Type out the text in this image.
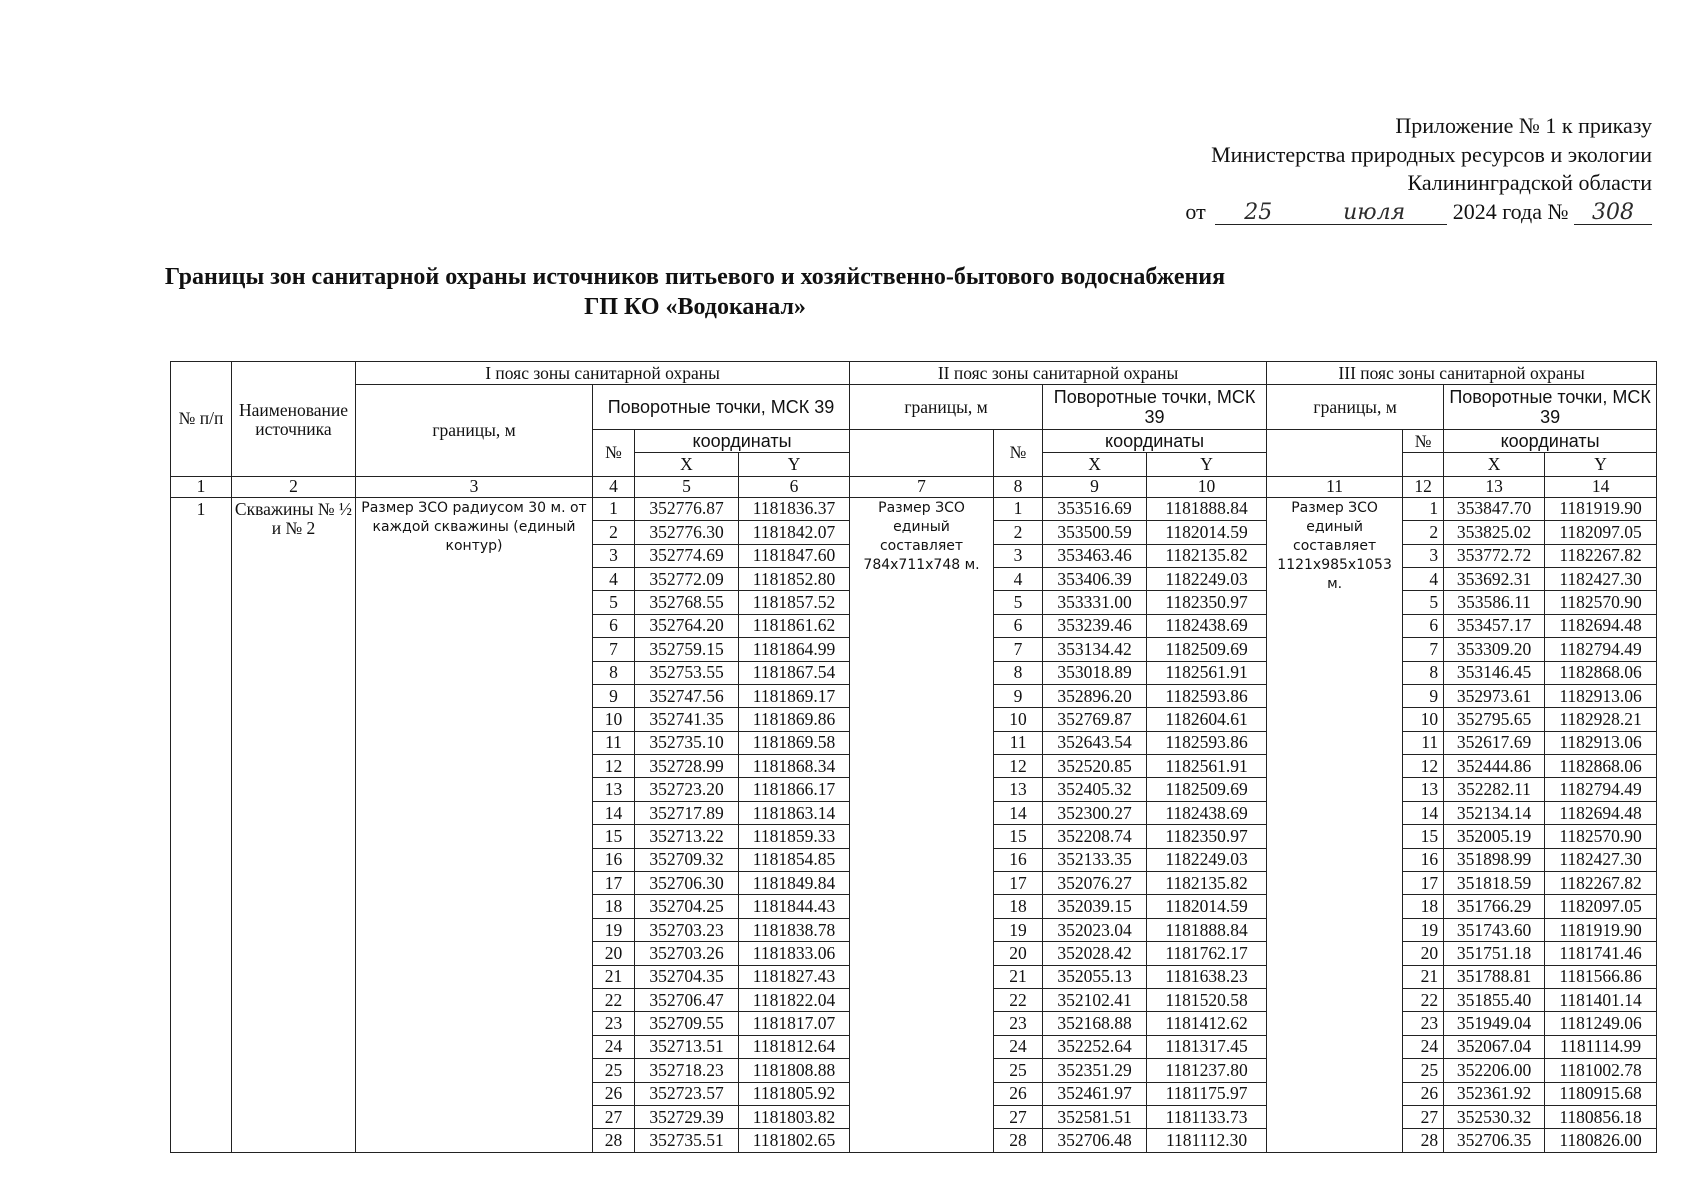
Приложение № 1 к приказу
Министерства природных ресурсов и экологии
Калининградской области
от 25	июля 2024 года № 308
Границы зон санитарной охраны источников питьевого и хозяйственно-бытового водоснабжения
ГП КО «Водоканал»
№ п/п	Наименование источника	I пояс зоны санитарной охраны				II пояс зоны санитарной охраны				III пояс зоны санитарной охраны			
		границы, м	Поворотные точки, МСК 39			границы, м		Поворотные точки, МСК 39		границы, м		Поворотные точки, МСК 39	
			№	координаты			№	координаты			№	координаты	
				X	Y			X	Y			X	Y
1	2	3	4	5	6	7	8	9	10	11	12	13	14
1	Скважины № ½ и № 2	Размер ЗСО радиусом 30 м. от каждой скважины (единый контур)	1	352776.87	1181836.37	Размер ЗСО единый составляет 784x711x748 м.	1	353516.69	1181888.84	Размер ЗСО единый составляет 1121x985x1053 м.	1	353847.70	1181919.90
			2	352776.30	1181842.07		2	353500.59	1182014.59		2	353825.02	1182097.05
			3	352774.69	1181847.60		3	353463.46	1182135.82		3	353772.72	1182267.82
			4	352772.09	1181852.80		4	353406.39	1182249.03		4	353692.31	1182427.30
			5	352768.55	1181857.52		5	353331.00	1182350.97		5	353586.11	1182570.90
			6	352764.20	1181861.62		6	353239.46	1182438.69		6	353457.17	1182694.48
			7	352759.15	1181864.99		7	353134.42	1182509.69		7	353309.20	1182794.49
			8	352753.55	1181867.54		8	353018.89	1182561.91		8	353146.45	1182868.06
			9	352747.56	1181869.17		9	352896.20	1182593.86		9	352973.61	1182913.06
			10	352741.35	1181869.86		10	352769.87	1182604.61		10	352795.65	1182928.21
			11	352735.10	1181869.58		11	352643.54	1182593.86		11	352617.69	1182913.06
			12	352728.99	1181868.34		12	352520.85	1182561.91		12	352444.86	1182868.06
			13	352723.20	1181866.17		13	352405.32	1182509.69		13	352282.11	1182794.49
			14	352717.89	1181863.14		14	352300.27	1182438.69		14	352134.14	1182694.48
			15	352713.22	1181859.33		15	352208.74	1182350.97		15	352005.19	1182570.90
			16	352709.32	1181854.85		16	352133.35	1182249.03		16	351898.99	1182427.30
			17	352706.30	1181849.84		17	352076.27	1182135.82		17	351818.59	1182267.82
			18	352704.25	1181844.43		18	352039.15	1182014.59		18	351766.29	1182097.05
			19	352703.23	1181838.78		19	352023.04	1181888.84		19	351743.60	1181919.90
			20	352703.26	1181833.06		20	352028.42	1181762.17		20	351751.18	1181741.46
			21	352704.35	1181827.43		21	352055.13	1181638.23		21	351788.81	1181566.86
			22	352706.47	1181822.04		22	352102.41	1181520.58		22	351855.40	1181401.14
			23	352709.55	1181817.07		23	352168.88	1181412.62		23	351949.04	1181249.06
			24	352713.51	1181812.64		24	352252.64	1181317.45		24	352067.04	1181114.99
			25	352718.23	1181808.88		25	352351.29	1181237.80		25	352206.00	1181002.78
			26	352723.57	1181805.92		26	352461.97	1181175.97		26	352361.92	1180915.68
			27	352729.39	1181803.82		27	352581.51	1181133.73		27	352530.32	1180856.18
			28	352735.51	1181802.65		28	352706.48	1181112.30		28	352706.35	1180826.00
